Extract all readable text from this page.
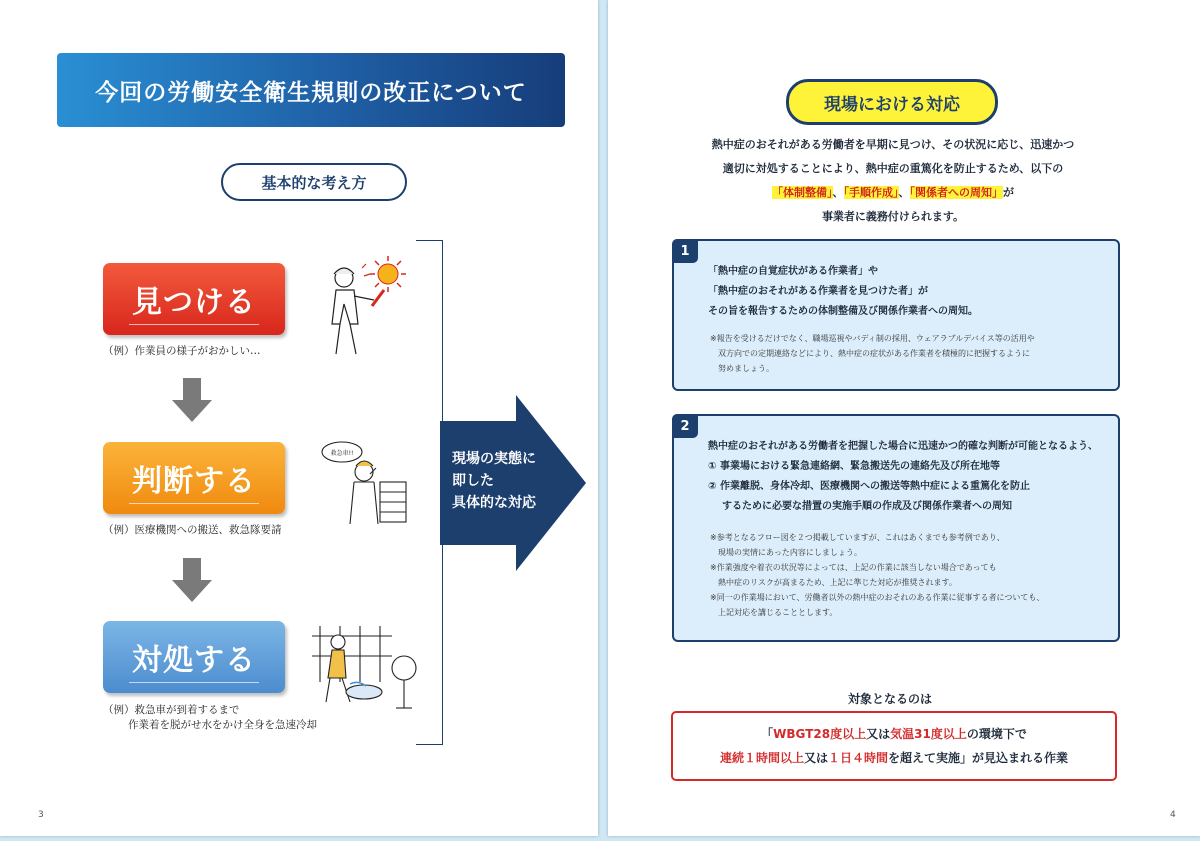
今回の労働安全衛生規則の改正について
基本的な考え方
見つける
（例）作業員の様子がおかしい…
判断する
（例）医療機関への搬送、救急隊要請
対処する
（例）救急車が到着するまで
作業着を脱がせ水をかけ全身を急速冷却
救急車!!	現場の実態に
即した
具体的な対応
3
現場における対応
熱中症のおそれがある労働者を早期に見つけ、その状況に応じ、迅速かつ
適切に対処することにより、熱中症の重篤化を防止するため、以下の
「体制整備」、「手順作成」、「関係者への周知」が
事業者に義務付けられます。
1
「熱中症の自覚症状がある作業者」や
「熱中症のおそれがある作業者を見つけた者」が
その旨を報告するための体制整備及び関係作業者への周知。
※報告を受けるだけでなく、職場巡視やバディ制の採用、ウェアラブルデバイス等の活用や
双方向での定期連絡などにより、熱中症の症状がある作業者を積極的に把握するように
努めましょう。
2
熱中症のおそれがある労働者を把握した場合に迅速かつ的確な判断が可能となるよう、
① 事業場における緊急連絡網、緊急搬送先の連絡先及び所在地等
② 作業離脱、身体冷却、医療機関への搬送等熱中症による重篤化を防止
するために必要な措置の実施手順の作成及び関係作業者への周知
※参考となるフロー図を２つ掲載していますが、これはあくまでも参考例であり、
現場の実情にあった内容にしましょう。
※作業強度や着衣の状況等によっては、上記の作業に該当しない場合であっても
熱中症のリスクが高まるため、上記に準じた対応が推奨されます。
※同一の作業場において、労働者以外の熱中症のおそれのある作業に従事する者についても、
上記対応を講じることとします。
対象となるのは
「WBGT28度以上又は気温31度以上の環境下で
連続１時間以上又は１日４時間を超えて実施」が見込まれる作業
4
